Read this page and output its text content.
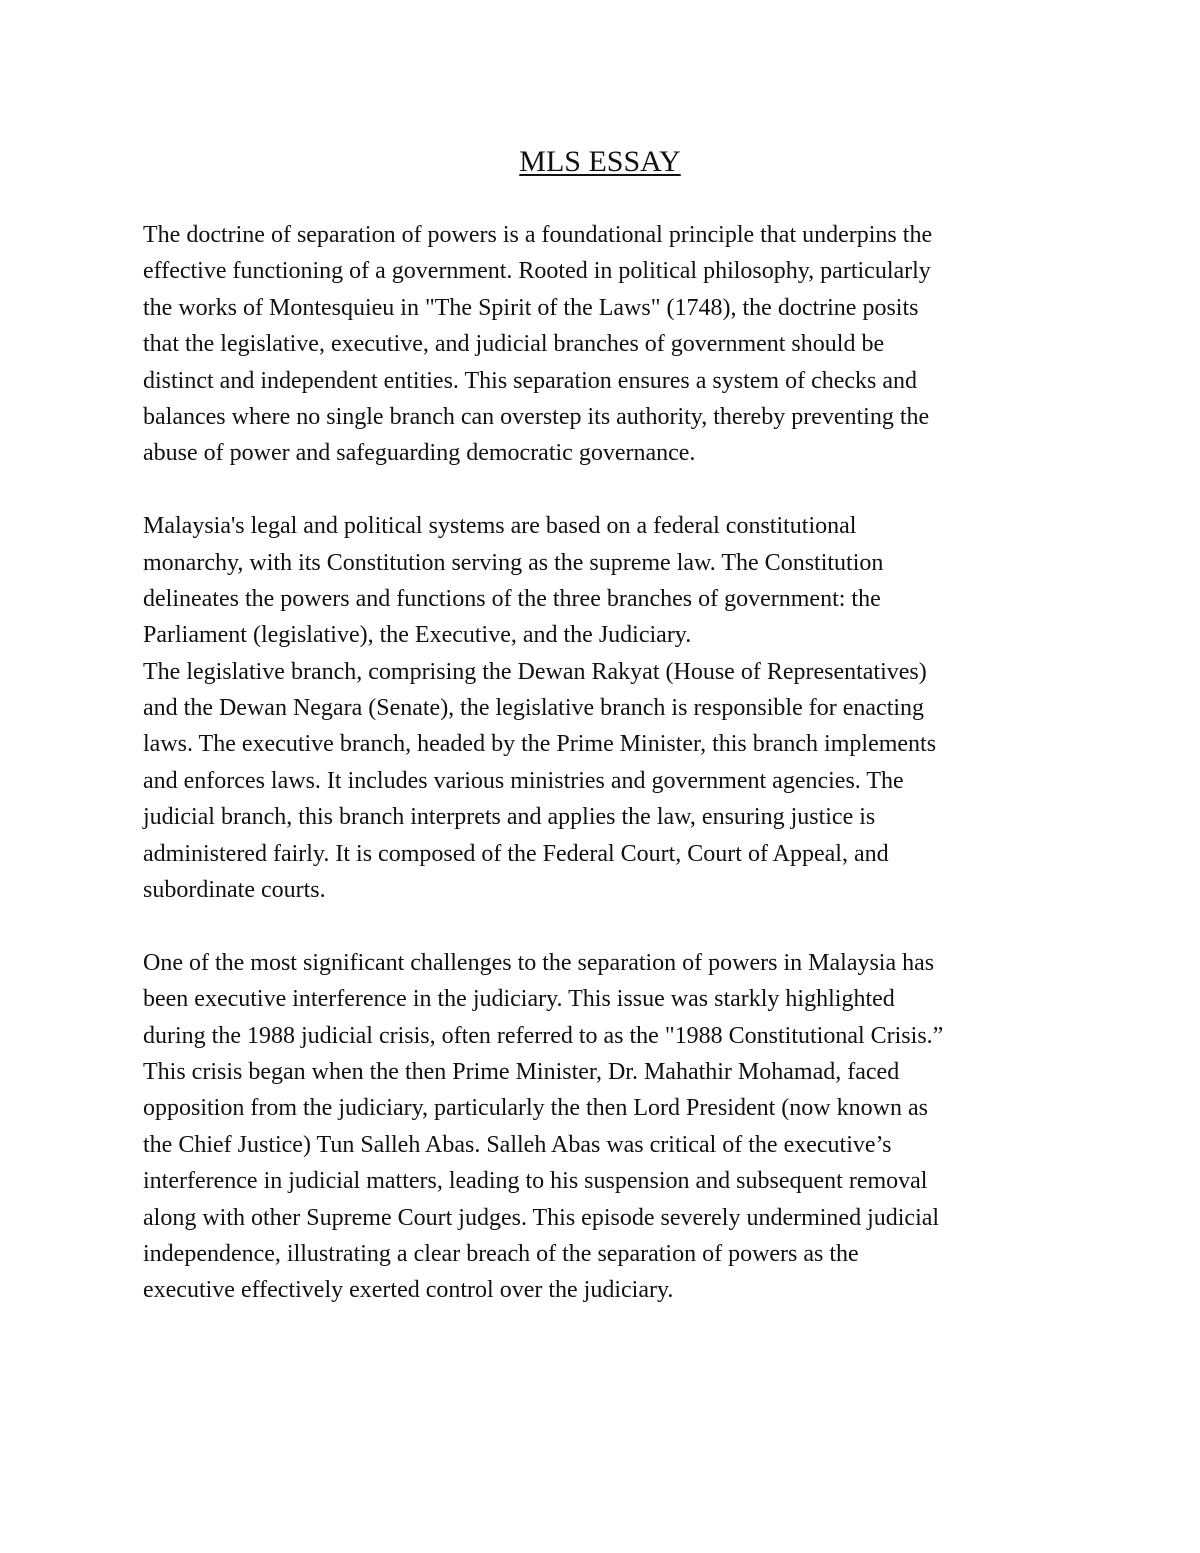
MLS ESSAY
The doctrine of separation of powers is a foundational principle that underpins the
effective functioning of a government. Rooted in political philosophy, particularly
the works of Montesquieu in "The Spirit of the Laws" (1748), the doctrine posits
that the legislative, executive, and judicial branches of government should be
distinct and independent entities. This separation ensures a system of checks and
balances where no single branch can overstep its authority, thereby preventing the
abuse of power and safeguarding democratic governance.
Malaysia's legal and political systems are based on a federal constitutional
monarchy, with its Constitution serving as the supreme law. The Constitution
delineates the powers and functions of the three branches of government: the
Parliament (legislative), the Executive, and the Judiciary.
The legislative branch, comprising the Dewan Rakyat (House of Representatives)
and the Dewan Negara (Senate), the legislative branch is responsible for enacting
laws. The executive branch, headed by the Prime Minister, this branch implements
and enforces laws. It includes various ministries and government agencies. The
judicial branch, this branch interprets and applies the law, ensuring justice is
administered fairly. It is composed of the Federal Court, Court of Appeal, and
subordinate courts.
One of the most significant challenges to the separation of powers in Malaysia has
been executive interference in the judiciary. This issue was starkly highlighted
during the 1988 judicial crisis, often referred to as the "1988 Constitutional Crisis.”
This crisis began when the then Prime Minister, Dr. Mahathir Mohamad, faced
opposition from the judiciary, particularly the then Lord President (now known as
the Chief Justice) Tun Salleh Abas. Salleh Abas was critical of the executive’s
interference in judicial matters, leading to his suspension and subsequent removal
along with other Supreme Court judges. This episode severely undermined judicial
independence, illustrating a clear breach of the separation of powers as the
executive effectively exerted control over the judiciary.
